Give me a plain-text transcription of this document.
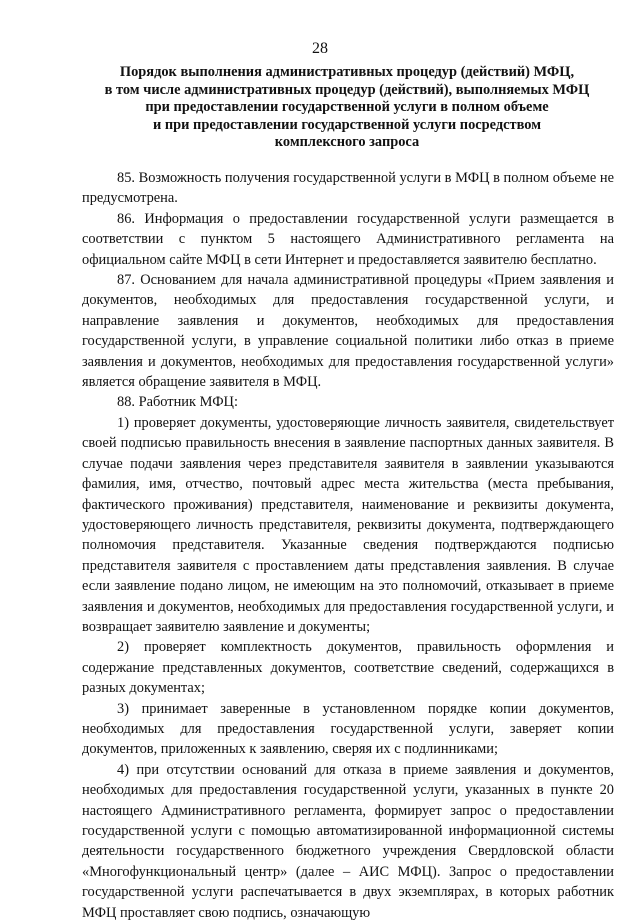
28
Порядок выполнения административных процедур (действий) МФЦ,
в том числе административных процедур (действий), выполняемых МФЦ
при предоставлении государственной услуги в полном объеме
и при предоставлении государственной услуги посредством
комплексного запроса

85. Возможность получения государственной услуги в МФЦ в полном объеме не предусмотрена.

86. Информация о предоставлении государственной услуги размещается в соответствии с пунктом 5 настоящего Административного регламента на официальном сайте МФЦ в сети Интернет и предоставляется заявителю бесплатно.

87. Основанием для начала административной процедуры «Прием заявления и документов, необходимых для предоставления государственной услуги, и направление заявления и документов, необходимых для предоставления государственной услуги, в управление социальной политики либо отказ в приеме заявления и документов, необходимых для предоставления государственной услуги» является обращение заявителя в МФЦ.

88. Работник МФЦ:

1) проверяет документы, удостоверяющие личность заявителя, свидетельствует своей подписью правильность внесения в заявление паспортных данных заявителя. В случае подачи заявления через представителя заявителя в заявлении указываются фамилия, имя, отчество, почтовый адрес места жительства (места пребывания, фактического проживания) представителя, наименование и реквизиты документа, удостоверяющего личность представителя, реквизиты документа, подтверждающего полномочия представителя. Указанные сведения подтверждаются подписью представителя заявителя с проставлением даты представления заявления. В случае если заявление подано лицом, не имеющим на это полномочий, отказывает в приеме заявления и документов, необходимых для предоставления государственной услуги, и возвращает заявителю заявление и документы;

2) проверяет комплектность документов, правильность оформления и содержание представленных документов, соответствие сведений, содержащихся в разных документах;

3) принимает заверенные в установленном порядке копии документов, необходимых для предоставления государственной услуги, заверяет копии документов, приложенных к заявлению, сверяя их с подлинниками;

4) при отсутствии оснований для отказа в приеме заявления и документов, необходимых для предоставления государственной услуги, указанных в пункте 20 настоящего Административного регламента, формирует запрос о предоставлении государственной услуги с помощью автоматизированной информационной системы деятельности государственного бюджетного учреждения Свердловской области «Многофункциональный центр» (далее – АИС МФЦ). Запрос о предоставлении государственной услуги распечатывается в двух экземплярах, в которых работник МФЦ проставляет свою подпись, означающую
